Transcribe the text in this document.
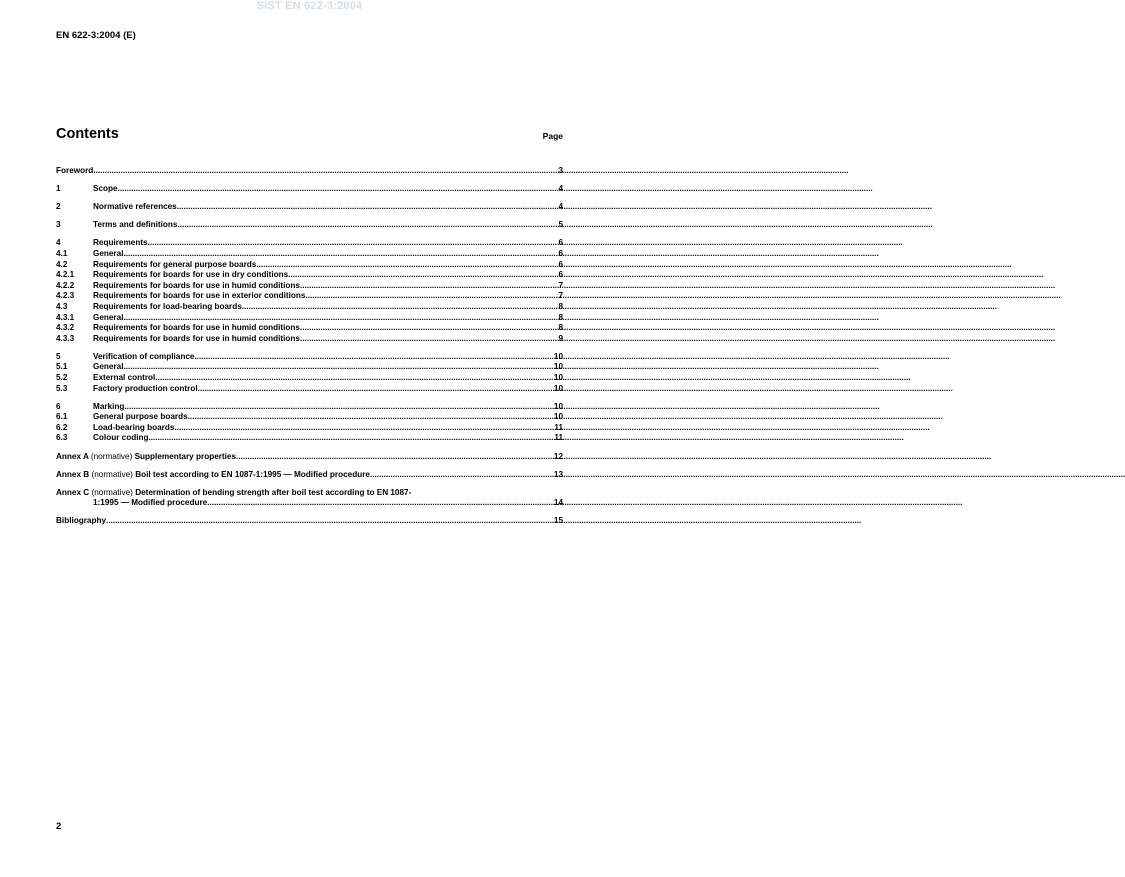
SIST EN 622-3:2004
EN 622-3:2004 (E)
Contents	Page
Foreword .....	3
1	Scope .....	4
2	Normative references .....	4
3	Terms and definitions .....	5
4	Requirements .....	6
4.1	General .....	6
4.2	Requirements for general purpose boards .....	6
4.2.1	Requirements for boards for use in dry conditions .....	6
4.2.2	Requirements for boards for use in humid conditions .....	7
4.2.3	Requirements for boards for use in exterior conditions .....	7
4.3	Requirements for load-bearing boards .....	8
4.3.1	General .....	8
4.3.2	Requirements for boards for use in humid conditions .....	8
4.3.3	Requirements for boards for use in humid conditions .....	9
5	Verification of compliance .....	10
5.1	General .....	10
5.2	External control .....	10
5.3	Factory production control .....	10
6	Marking .....	10
6.1	General purpose boards .....	10
6.2	Load-bearing boards .....	11
6.3	Colour coding .....	11
Annex A (normative) Supplementary properties .....	12
Annex B (normative) Boil test according to EN 1087-1:1995 — Modified procedure .....	13
Annex C (normative) Determination of bending strength after boil test according to EN 1087-
1:1995 — Modified procedure .....	14
Bibliography .....	15
2
